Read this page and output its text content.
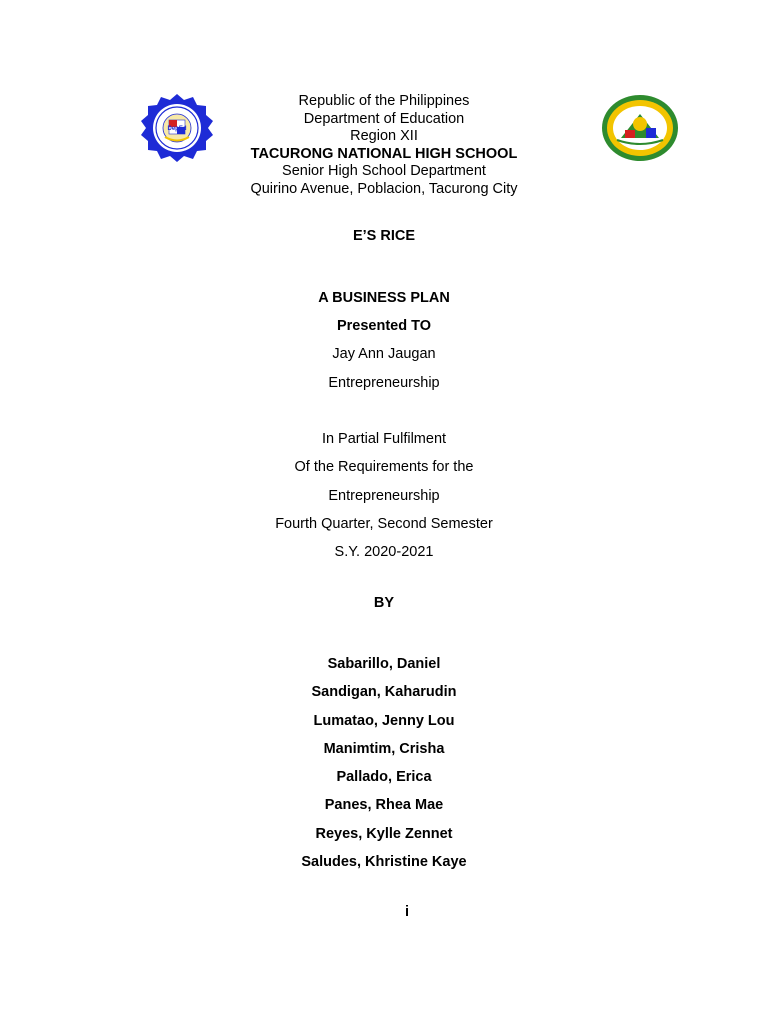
DepEd
Republic of the Philippines
Department of Education
Region XII
TACURONG NATIONAL HIGH SCHOOL
Senior High School Department
Quirino Avenue, Poblacion, Tacurong City
E’S RICE
A BUSINESS PLAN
Presented TO
Jay Ann Jaugan
Entrepreneurship
In Partial Fulfilment
Of the Requirements for the
Entrepreneurship
Fourth Quarter, Second Semester
S.Y. 2020-2021
BY
Sabarillo, Daniel
Sandigan, Kaharudin
Lumatao, Jenny Lou
Manimtim, Crisha
Pallado, Erica
Panes, Rhea Mae
Reyes, Kylle Zennet
Saludes, Khristine Kaye
i
